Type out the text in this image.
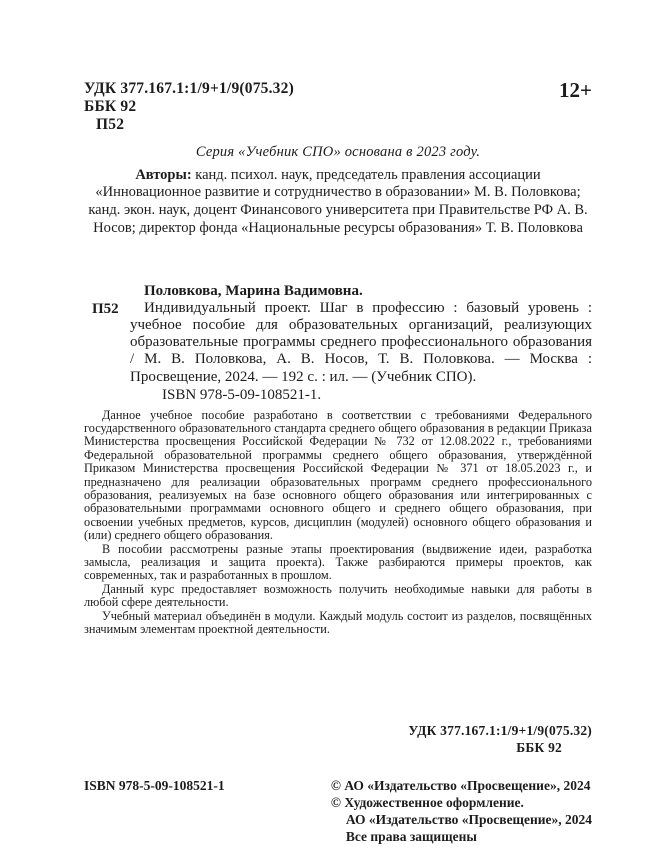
УДК 377.167.1:1/9+1/9(075.32)
ББК 92
П52
12+
Серия «Учебник СПО» основана в 2023 году.

Авторы: канд. психол. наук, председатель правления ассоциации «Инновационное развитие и сотрудничество в образовании» М. В. Половкова; канд. экон. наук, доцент Финансового университета при Правительстве РФ А. В. Носов; директор фонда «Национальные ресурсы образования» Т. В. Половкова

Половкова, Марина Вадимовна.
П52	Индивидуальный проект. Шаг в профессию : базовый уровень : учебное пособие для образовательных организаций, реализующих образовательные программы среднего профессионального образования / М. В. Половкова, А. В. Носов, Т. В. Половкова. — Москва : Просвещение, 2024. — 192 с. : ил. — (Учебник СПО).

ISBN 978-5-09-108521-1.

Данное учебное пособие разработано в соответствии с требованиями Федерального государственного образовательного стандарта среднего общего образования в редакции Приказа Министерства просвещения Российской Федерации № 732 от 12.08.2022 г., требованиями Федеральной образовательной программы среднего общего образования, утверждённой Приказом Министерства просвещения Российской Федерации № 371 от 18.05.2023 г., и предназначено для реализации образовательных программ среднего профессионального образования, реализуемых на базе основного общего образования или интегрированных с образовательными программами основного общего и среднего общего образования, при освоении учебных предметов, курсов, дисциплин (модулей) основного общего образования и (или) среднего общего образования.

В пособии рассмотрены разные этапы проектирования (выдвижение идеи, разработка замысла, реализация и защита проекта). Также разбираются примеры проектов, как современных, так и разработанных в прошлом.

Данный курс предоставляет возможность получить необходимые навыки для работы в любой сфере деятельности.

Учебный материал объединён в модули. Каждый модуль состоит из разделов, посвящённых значимым элементам проектной деятельности.

УДК 377.167.1:1/9+1/9(075.32)
ББК 92
ISBN 978-5-09-108521-1	© АО «Издательство «Просвещение», 2024
© Художественное оформление.
АО «Издательство «Просвещение», 2024
Все права защищены
